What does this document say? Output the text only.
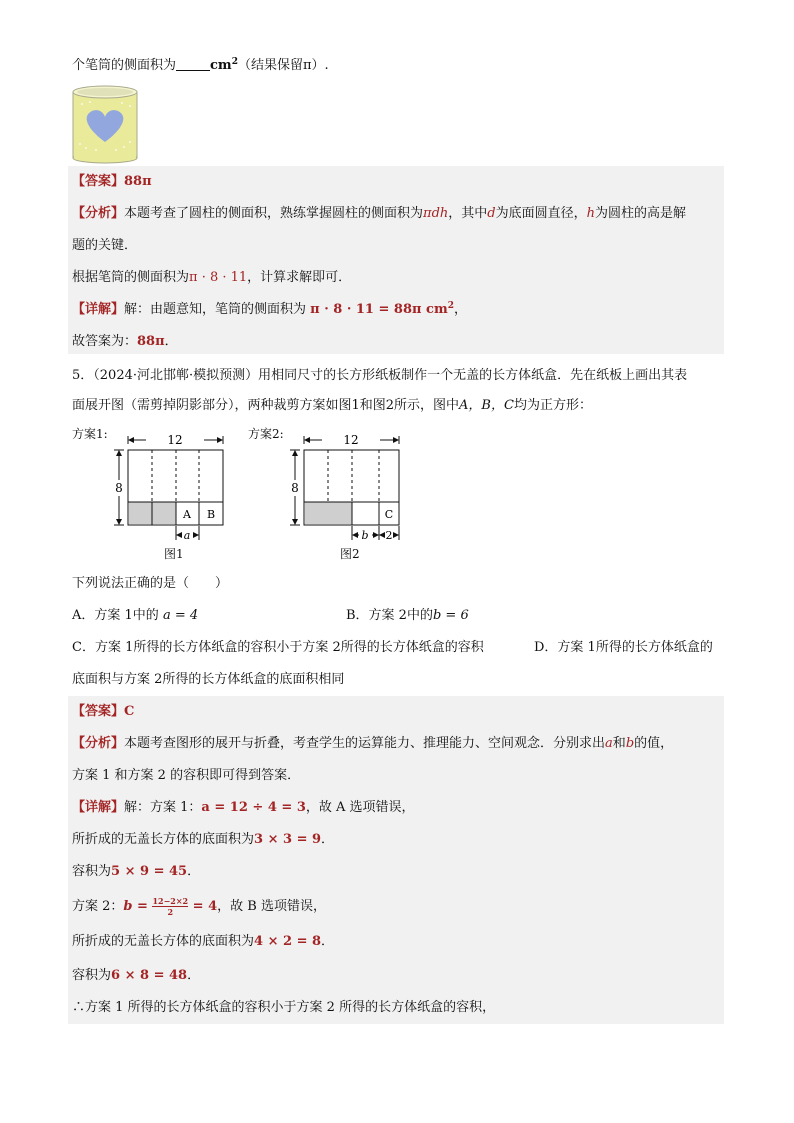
个笔筒的侧面积为	$cm^2$（结果保留π）.
【答案】88π
【分析】本题考查了圆柱的侧面积，熟练掌握圆柱的侧面积为πdh，其中d为底面圆直径，h为圆柱的高是解
题的关键．
根据笔筒的侧面积为π · 8 · 11，计算求解即可．
【详解】解：由题意知，笔筒的侧面积为 π · 8 · 11 = 88π $cm^2$，
故答案为：88π．
5．（2024·河北邯郸·模拟预测）用相同尺寸的长方形纸板制作一个无盖的长方体纸盒．先在纸板上画出其表
面展开图（需剪掉阴影部分），两种裁剪方案如图1和图2所示，图中A，B，C均为正方形：
方案1:	12
8
A B
a
图1
方案2:	12
8
C
b 2
图2
下列说法正确的是（　　）
A．方案 1中的 a = 4	B．方案 2中的b = 6
C．方案 1所得的长方体纸盒的容积小于方案 2所得的长方体纸盒的容积	D．方案 1所得的长方体纸盒的
底面积与方案 2所得的长方体纸盒的底面积相同
【答案】C
【分析】本题考查图形的展开与折叠，考查学生的运算能力、推理能力、空间观念．分别求出a和b的值，
方案 1 和方案 2 的容积即可得到答案．
【详解】解：方案 1：a = 12 ÷ 4 = 3，故 A 选项错误，
所折成的无盖长方体的底面积为3 × 3 = 9．
容积为5 × 9 = 45．
方案 2：$b = \frac{12-2\times 2}{2} = 4$，故 B 选项错误，
所折成的无盖长方体的底面积为4 × 2 = 8．
容积为6 × 8 = 48．
∴方案 1 所得的长方体纸盒的容积小于方案 2 所得的长方体纸盒的容积，
